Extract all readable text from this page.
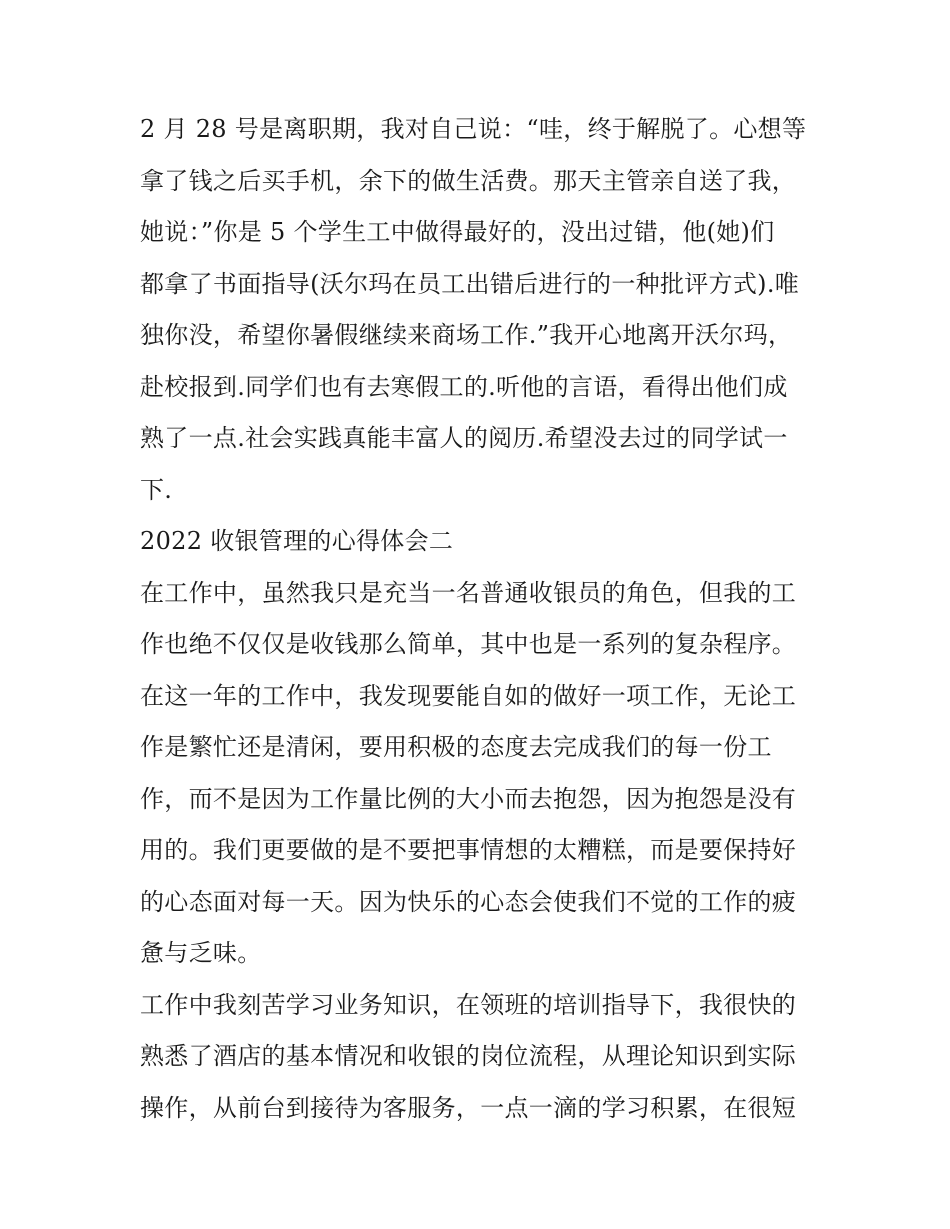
2 月 28 号是离职期，我对自己说：“哇，终于解脱了。心想等
拿了钱之后买手机，余下的做生活费。那天主管亲自送了我，
她说：”你是 5 个学生工中做得最好的，没出过错，他(她)们
都拿了书面指导(沃尔玛在员工出错后进行的一种批评方式).唯
独你没，希望你暑假继续来商场工作.”我开心地离开沃尔玛，
赴校报到.同学们也有去寒假工的.听他的言语，看得出他们成
熟了一点.社会实践真能丰富人的阅历.希望没去过的同学试一
下.
2022 收银管理的心得体会二
在工作中，虽然我只是充当一名普通收银员的角色，但我的工
作也绝不仅仅是收钱那么简单，其中也是一系列的复杂程序。
在这一年的工作中，我发现要能自如的做好一项工作，无论工
作是繁忙还是清闲，要用积极的态度去完成我们的每一份工
作，而不是因为工作量比例的大小而去抱怨，因为抱怨是没有
用的。我们更要做的是不要把事情想的太糟糕，而是要保持好
的心态面对每一天。因为快乐的心态会使我们不觉的工作的疲
惫与乏味。
工作中我刻苦学习业务知识，在领班的培训指导下，我很快的
熟悉了酒店的基本情况和收银的岗位流程，从理论知识到实际
操作，从前台到接待为客服务，一点一滴的学习积累，在很短
